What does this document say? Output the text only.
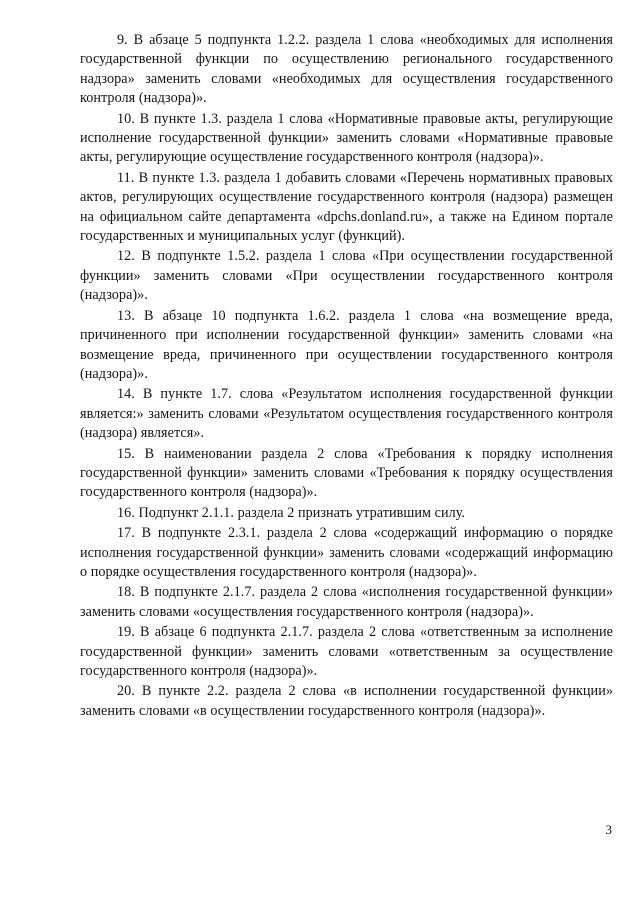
9. В абзаце 5 подпункта 1.2.2. раздела 1 слова «необходимых для исполнения государственной функции по осуществлению регионального государственного надзора» заменить словами «необходимых для осуществления государственного контроля (надзора)».

10. В пункте 1.3. раздела 1 слова «Нормативные правовые акты, регулирующие исполнение государственной функции» заменить словами «Нормативные правовые акты, регулирующие осуществление государственного контроля (надзора)».

11. В пункте 1.3. раздела 1 добавить словами «Перечень нормативных правовых актов, регулирующих осуществление государственного контроля (надзора) размещен на официальном сайте департамента «dpchs.donland.ru», а также на Едином портале государственных и муниципальных услуг (функций).

12. В подпункте 1.5.2. раздела 1 слова «При осуществлении государственной функции» заменить словами «При осуществлении государственного контроля (надзора)».

13. В абзаце 10 подпункта 1.6.2. раздела 1 слова «на возмещение вреда, причиненного при исполнении государственной функции» заменить словами «на возмещение вреда, причиненного при осуществлении государственного контроля (надзора)».

14. В пункте 1.7. слова «Результатом исполнения государственной функции является:» заменить словами «Результатом осуществления государственного контроля (надзора) является».

15. В наименовании раздела 2 слова «Требования к порядку исполнения государственной функции» заменить словами «Требования к порядку осуществления государственного контроля (надзора)».

16. Подпункт 2.1.1. раздела 2 признать утратившим силу.

17. В подпункте 2.3.1. раздела 2 слова «содержащий информацию о порядке исполнения государственной функции» заменить словами «содержащий информацию о порядке осуществления государственного контроля (надзора)».

18. В подпункте 2.1.7. раздела 2 слова «исполнения государственной функции» заменить словами «осуществления государственного контроля (надзора)».

19. В абзаце 6 подпункта 2.1.7. раздела 2 слова «ответственным за исполнение государственной функции» заменить словами «ответственным за осуществление государственного контроля (надзора)».

20. В пункте 2.2. раздела 2 слова «в исполнении государственной функции» заменить словами «в осуществлении государственного контроля (надзора)».

3
